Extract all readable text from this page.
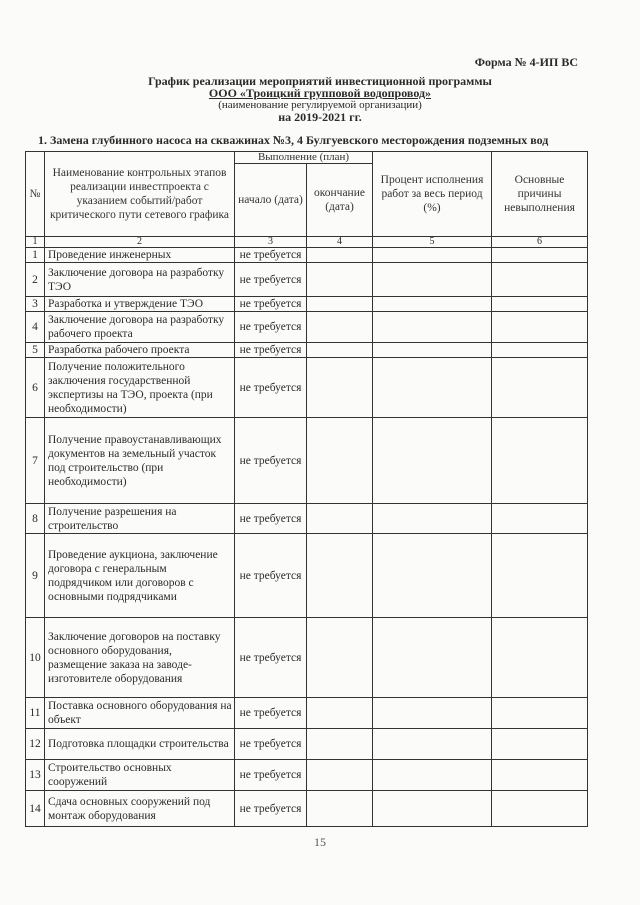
Форма № 4-ИП ВС
График реализации мероприятий инвестиционной программы
ООО «Троицкий групповой водопровод»
(наименование регулируемой организации)
на 2019-2021 гг.
1. Замена глубинного насоса на скважинах №3, 4 Булгуевского месторождения подземных вод
№	Наименование контрольных этапов реализации инвестпроекта с указанием событий/работ критического пути сетевого графика	Выполнение (план)		Процент исполнения работ за весь период (%)	Основные причины невыполнения
		начало (дата)	окончание (дата)		
1	2	3	4	5	6
1	Проведение инженерных	не требуется			
2	Заключение договора на разработку ТЭО	не требуется			
3	Разработка и утверждение ТЭО	не требуется			
4	Заключение договора на разработку рабочего проекта	не требуется			
5	Разработка рабочего проекта	не требуется			
6	Получение положительного заключения государственной экспертизы на ТЭО, проекта (при необходимости)	не требуется			
7	Получение правоустанавливающих документов на земельный участок под строительство (при необходимости)	не требуется			
8	Получение разрешения на строительство	не требуется			
9	Проведение аукциона, заключение договора с генеральным подрядчиком или договоров с основными подрядчиками	не требуется			
10	Заключение договоров на поставку основного оборудования, размещение заказа на заводе-изготовителе оборудования	не требуется			
11	Поставка основного оборудования на объект	не требуется			
12	Подготовка площадки строительства	не требуется			
13	Строительство основных сооружений	не требуется			
14	Сдача основных сооружений под монтаж оборудования	не требуется			
15
